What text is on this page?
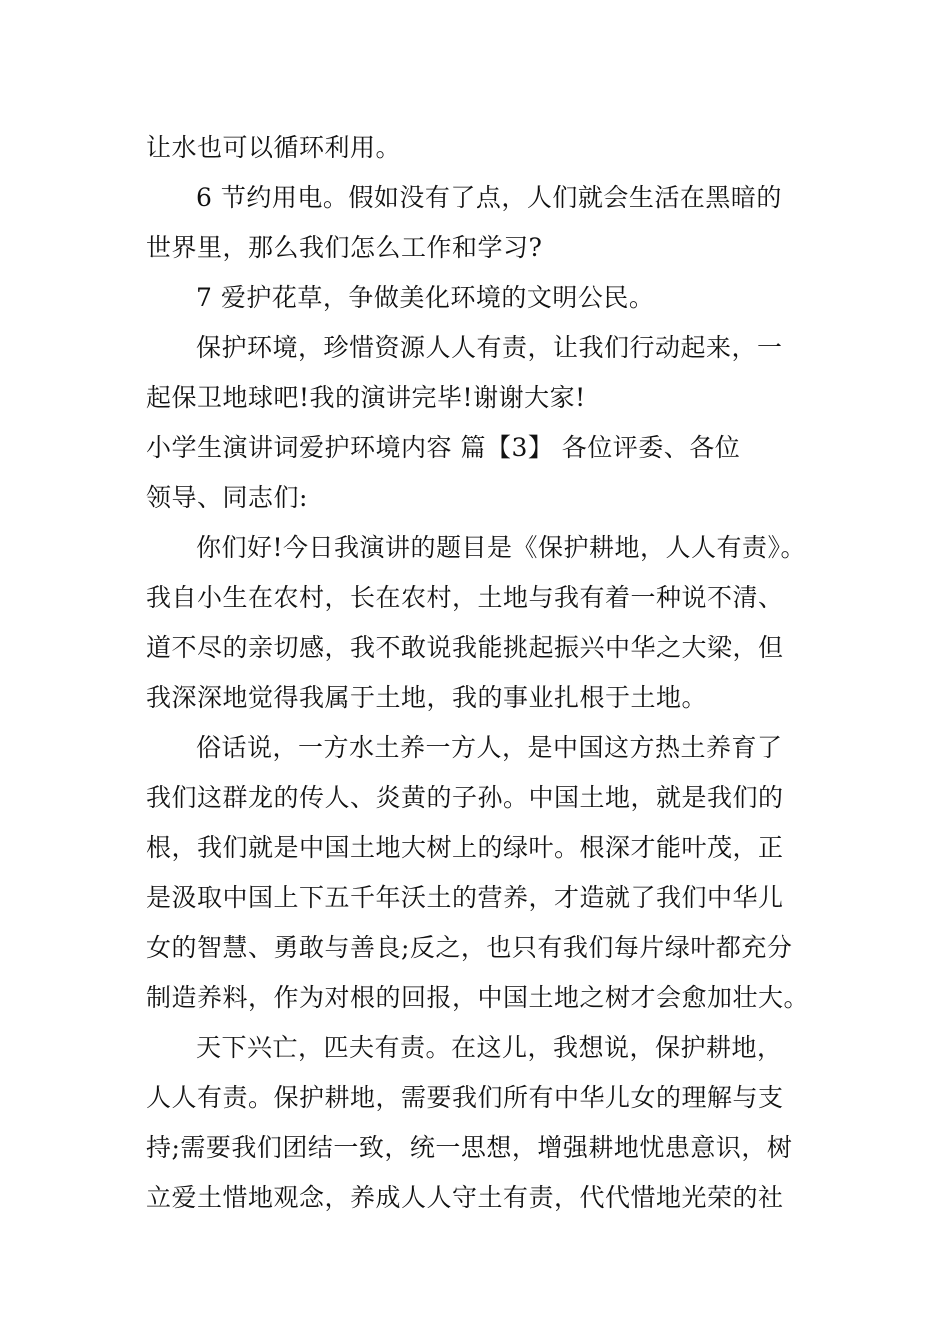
让水也可以循环利用。
6 节约用电。假如没有了点，人们就会生活在黑暗的
世界里，那么我们怎么工作和学习?
7 爱护花草，争做美化环境的文明公民。
保护环境，珍惜资源人人有责，让我们行动起来，一
起保卫地球吧!我的演讲完毕!谢谢大家!
小学生演讲词爱护环境内容 篇【3】 各位评委、各位
领导、同志们:
你们好!今日我演讲的题目是《保护耕地，人人有责》。
我自小生在农村，长在农村，土地与我有着一种说不清、
道不尽的亲切感，我不敢说我能挑起振兴中华之大梁，但
我深深地觉得我属于土地，我的事业扎根于土地。
俗话说，一方水土养一方人，是中国这方热土养育了
我们这群龙的传人、炎黄的子孙。中国土地，就是我们的
根，我们就是中国土地大树上的绿叶。根深才能叶茂，正
是汲取中国上下五千年沃土的营养，才造就了我们中华儿
女的智慧、勇敢与善良;反之，也只有我们每片绿叶都充分
制造养料，作为对根的回报，中国土地之树才会愈加壮大。
天下兴亡，匹夫有责。在这儿，我想说，保护耕地，
人人有责。保护耕地，需要我们所有中华儿女的理解与支
持;需要我们团结一致，统一思想，增强耕地忧患意识，树
立爱土惜地观念，养成人人守土有责，代代惜地光荣的社
